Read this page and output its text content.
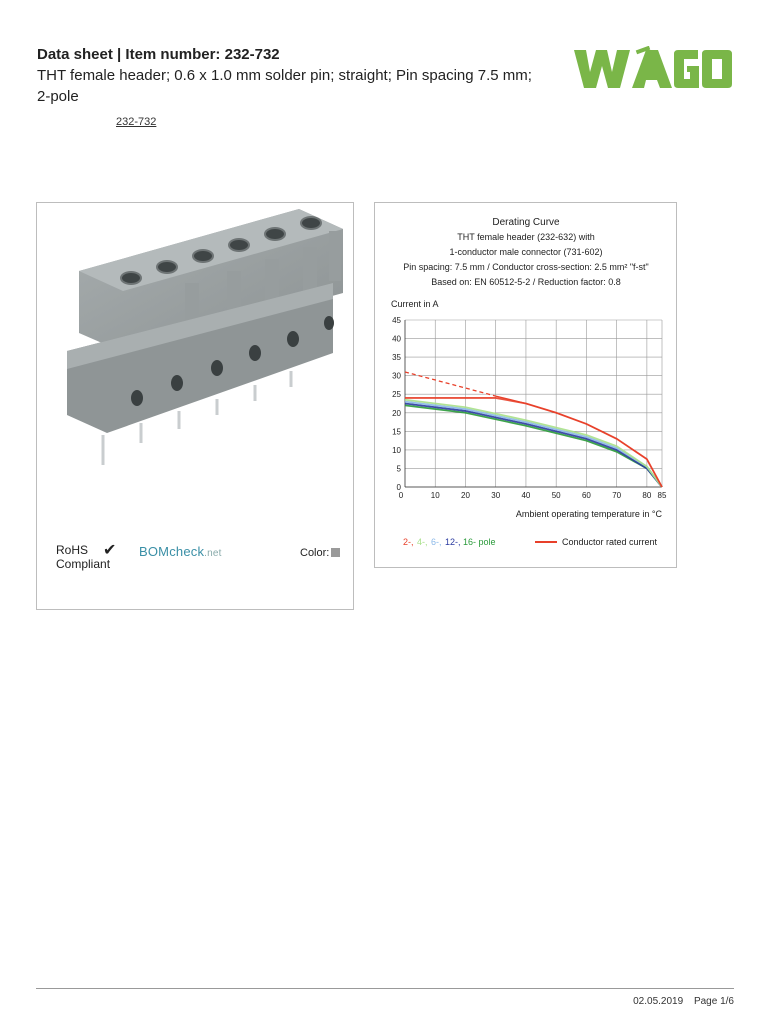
Data sheet | Item number: 232-732
THT female header; 0.6 x 1.0 mm solder pin; straight; Pin spacing 7.5 mm; 2-pole
232-732
RoHS
Compliant
✔ BOMcheck.net	Color:
Derating Curve
THT female header (232-632) with
1-conductor male connector (731-602)
Pin spacing: 7.5 mm / Conductor cross-section: 2.5 mm² "f-st"
Based on: EN 60512-5-2 / Reduction factor: 0.8
Current in A
0
5
10
15
20
25
30
35
40
45
10	20	30	40	50	60	70	80 85
0
Ambient operating temperature in °C
2-, 4-, 6-, 12-, 16- pole	Conductor rated current
02.05.2019 Page 1/6
